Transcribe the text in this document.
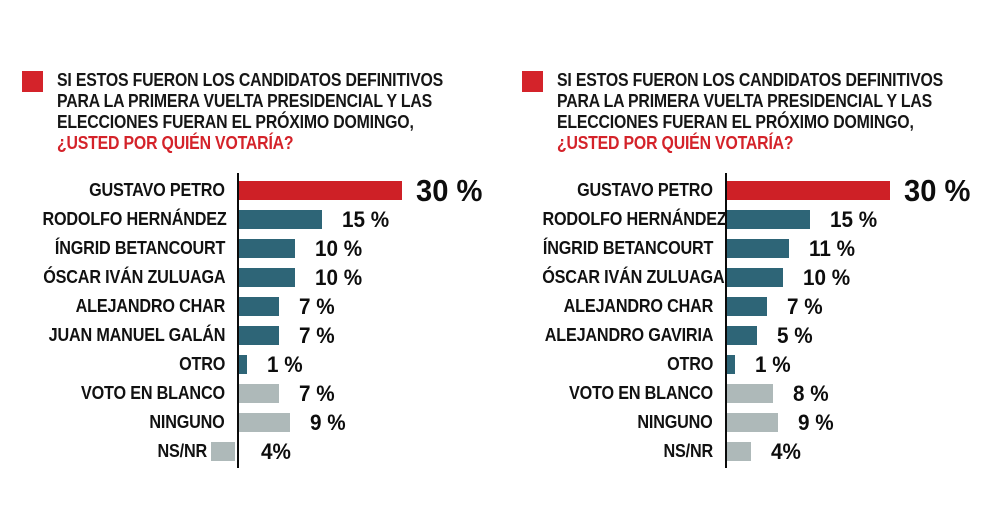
SI ESTOS FUERON LOS CANDIDATOS DEFINITIVOS
PARA LA PRIMERA VUELTA PRESIDENCIAL Y LAS
ELECCIONES FUERAN EL PRÓXIMO DOMINGO,
¿USTED POR QUIÉN VOTARÍA?
GUSTAVO PETRO	30 %
RODOLFO HERNÁNDEZ	15 %
ÍNGRID BETANCOURT	10 %
ÓSCAR IVÁN ZULUAGA	10 %
ALEJANDRO CHAR	7 %
JUAN MANUEL GALÁN	7 %
OTRO 1 %
VOTO EN BLANCO	7 %
NINGUNO	9 %
NS/NR	4%
SI ESTOS FUERON LOS CANDIDATOS DEFINITIVOS
PARA LA PRIMERA VUELTA PRESIDENCIAL Y LAS
ELECCIONES FUERAN EL PRÓXIMO DOMINGO,
¿USTED POR QUIÉN VOTARÍA?
GUSTAVO PETRO	30 %
RODOLFO HERNÁNDEZ	15 %
ÍNGRID BETANCOURT	11 %
ÓSCAR IVÁN ZULUAGA	10 %
ALEJANDRO CHAR	7 %
ALEJANDRO GAVIRIA	5 %
OTRO 1 %
VOTO EN BLANCO	8 %
NINGUNO	9 %
NS/NR	4%
